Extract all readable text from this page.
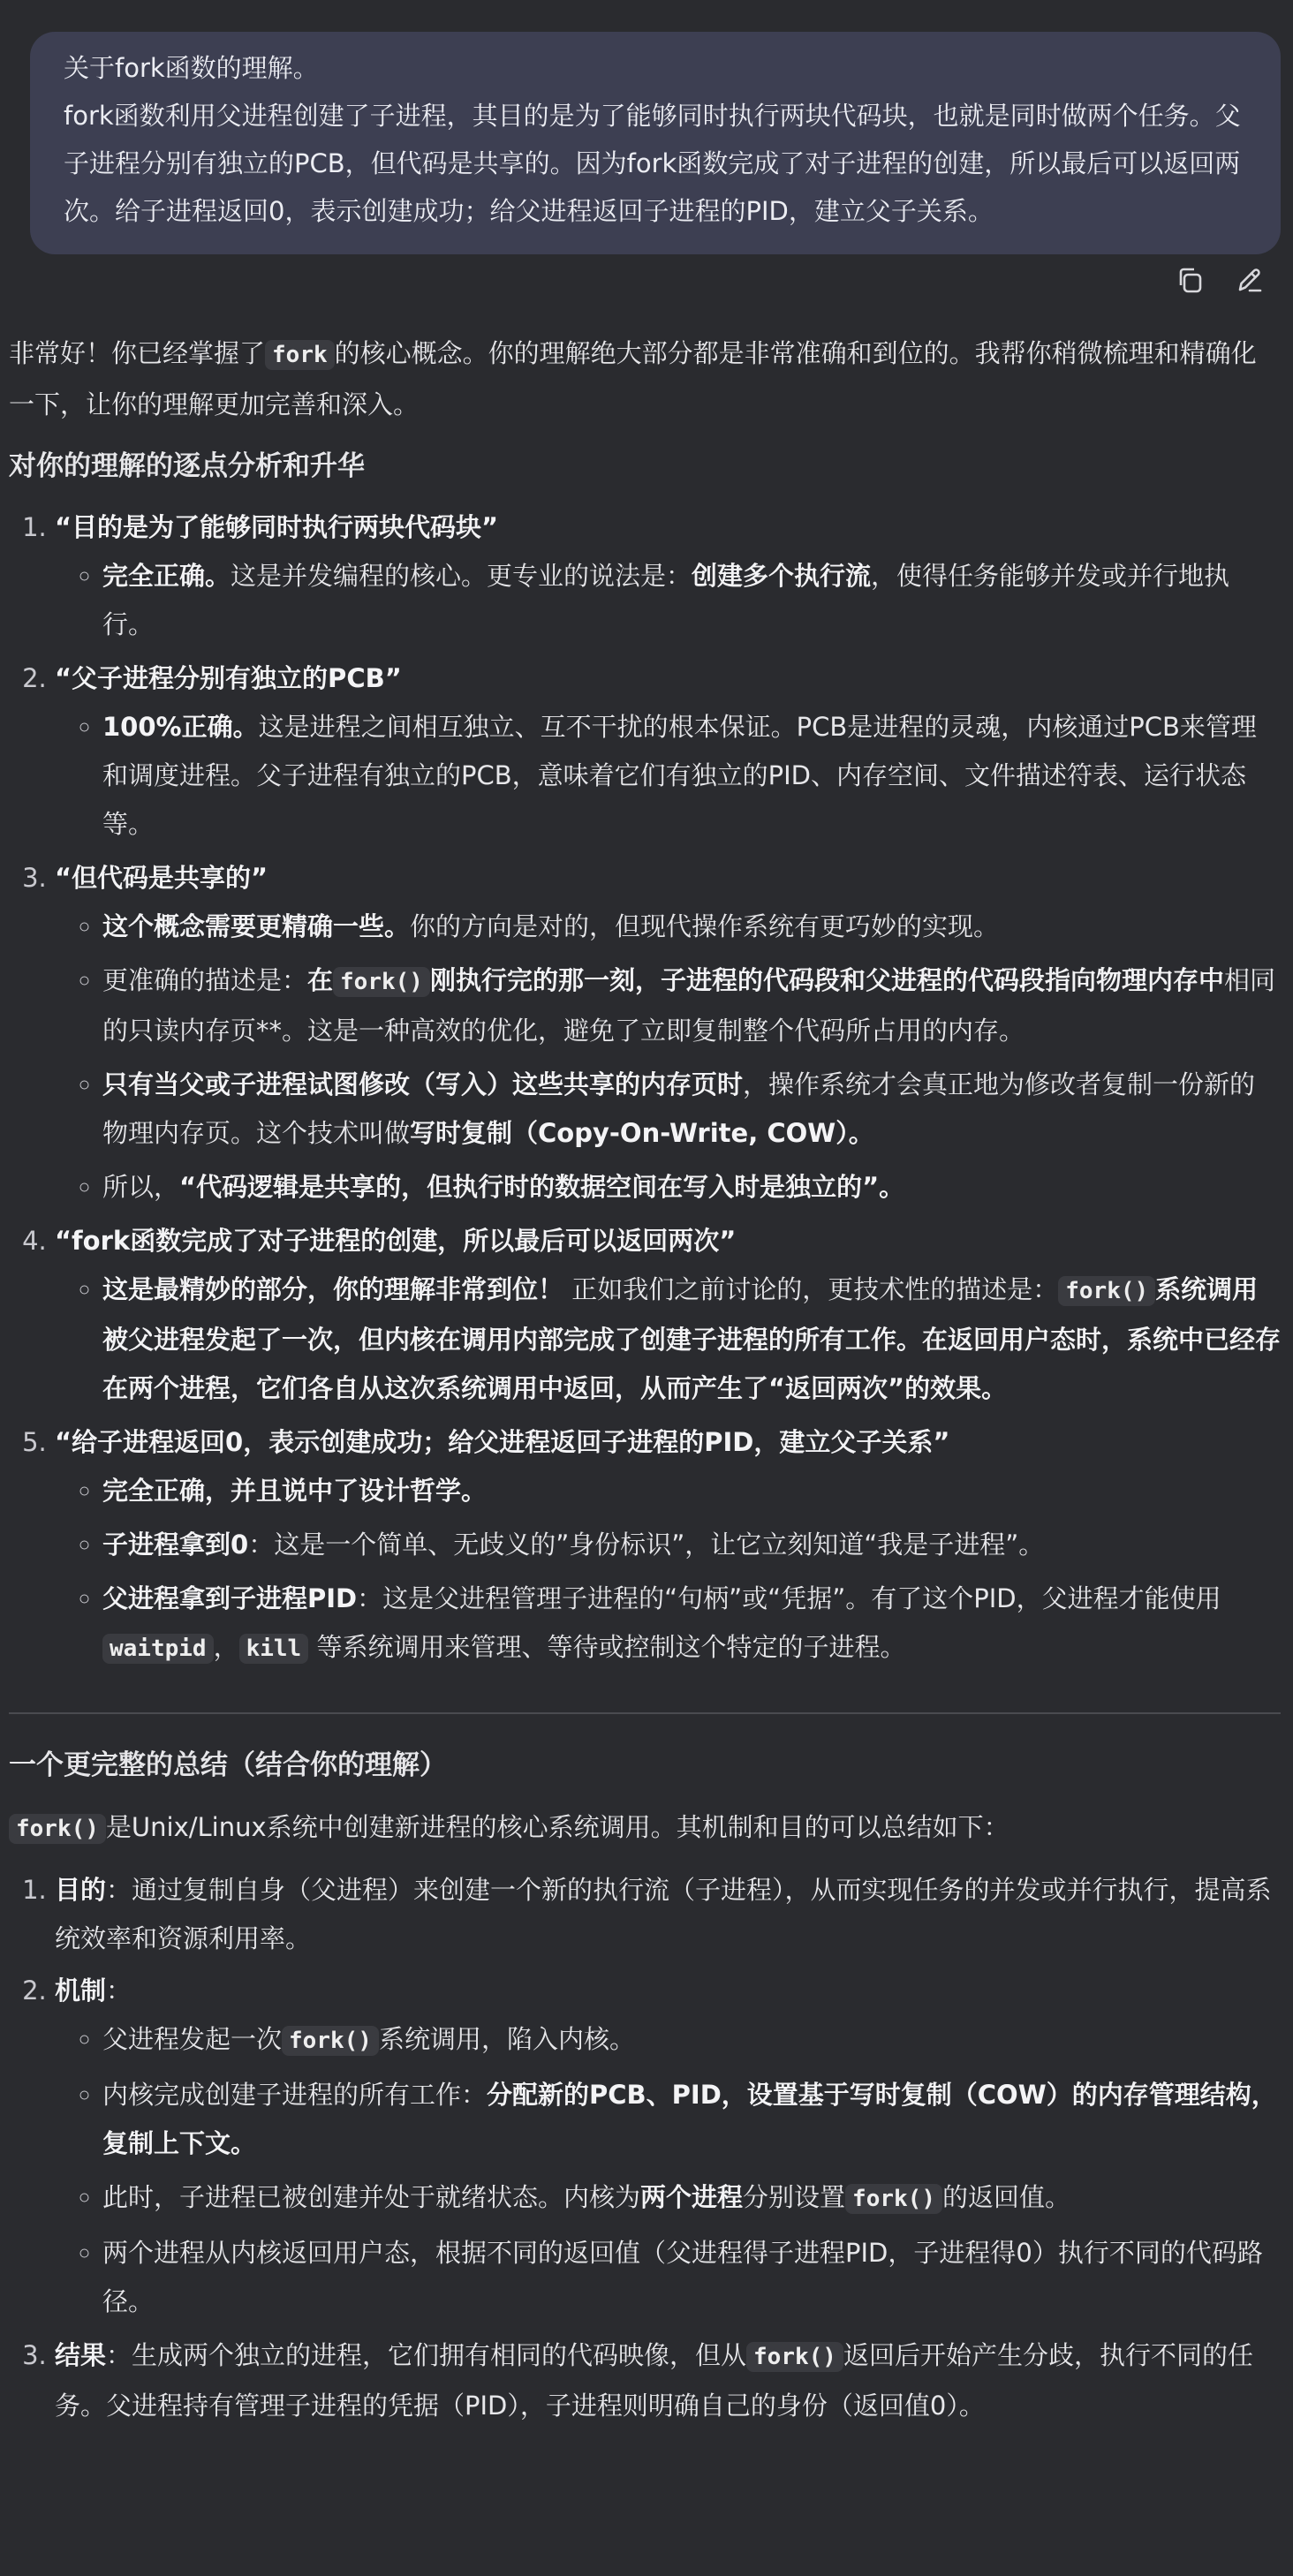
关于fork函数的理解。

fork函数利用父进程创建了子进程，其目的是为了能够同时执行两块代码块，也就是同时做两个任务。父子进程分别有独立的PCB，但代码是共享的。因为fork函数完成了对子进程的创建，所以最后可以返回两次。给子进程返回0，表示创建成功；给父进程返回子进程的PID，建立父子关系。

非常好！你已经掌握了 fork 的核心概念。你的理解绝大部分都是非常准确和到位的。我帮你稍微梳理和精确化一下，让你的理解更加完善和深入。

对你的理解的逐点分析和升华
1. “目的是为了能够同时执行两块代码块”
◦ 完全正确。这是并发编程的核心。更专业的说法是：创建多个执行流，使得任务能够并发或并行地执行。
2. “父子进程分别有独立的PCB”
◦ 100%正确。这是进程之间相互独立、互不干扰的根本保证。PCB是进程的灵魂，内核通过PCB来管理和调度进程。父子进程有独立的PCB，意味着它们有独立的PID、内存空间、文件描述符表、运行状态等。
3. “但代码是共享的”
◦ 这个概念需要更精确一些。你的方向是对的，但现代操作系统有更巧妙的实现。
◦ 更准确的描述是：在 fork() 刚执行完的那一刻，子进程的代码段和父进程的代码段指向物理内存中相同的只读内存页**。这是一种高效的优化，避免了立即复制整个代码所占用的内存。
◦ 只有当父或子进程试图修改（写入）这些共享的内存页时，操作系统才会真正地为修改者复制一份新的物理内存页。这个技术叫做写时复制（Copy-On-Write, COW）。
◦ 所以，“代码逻辑是共享的，但执行时的数据空间在写入时是独立的”。
4. “fork函数完成了对子进程的创建，所以最后可以返回两次”
◦ 这是最精妙的部分，你的理解非常到位！ 正如我们之前讨论的，更技术性的描述是： fork() 系统调用被父进程发起了一次，但内核在调用内部完成了创建子进程的所有工作。在返回用户态时，系统中已经存在两个进程，它们各自从这次系统调用中返回，从而产生了“返回两次”的效果。
5. “给子进程返回0，表示创建成功；给父进程返回子进程的PID，建立父子关系”
◦ 完全正确，并且说中了设计哲学。
◦ 子进程拿到0：这是一个简单、无歧义的”身份标识”，让它立刻知道“我是子进程”。
◦ 父进程拿到子进程PID：这是父进程管理子进程的“句柄”或“凭据”。有了这个PID，父进程才能使用 waitpid ， kill 等系统调用来管理、等待或控制这个特定的子进程。
一个更完整的总结（结合你的理解）

fork() 是Unix/Linux系统中创建新进程的核心系统调用。其机制和目的可以总结如下：

1. 目的：通过复制自身（父进程）来创建一个新的执行流（子进程），从而实现任务的并发或并行执行，提高系统效率和资源利用率。
2. 机制：
◦ 父进程发起一次 fork() 系统调用，陷入内核。
◦ 内核完成创建子进程的所有工作：分配新的PCB、PID，设置基于写时复制（COW）的内存管理结构，复制上下文。
◦ 此时，子进程已被创建并处于就绪状态。内核为两个进程分别设置 fork() 的返回值。
◦ 两个进程从内核返回用户态，根据不同的返回值（父进程得子进程PID，子进程得0）执行不同的代码路径。
3. 结果：生成两个独立的进程，它们拥有相同的代码映像，但从 fork() 返回后开始产生分歧，执行不同的任务。父进程持有管理子进程的凭据（PID），子进程则明确自己的身份（返回值0）。
